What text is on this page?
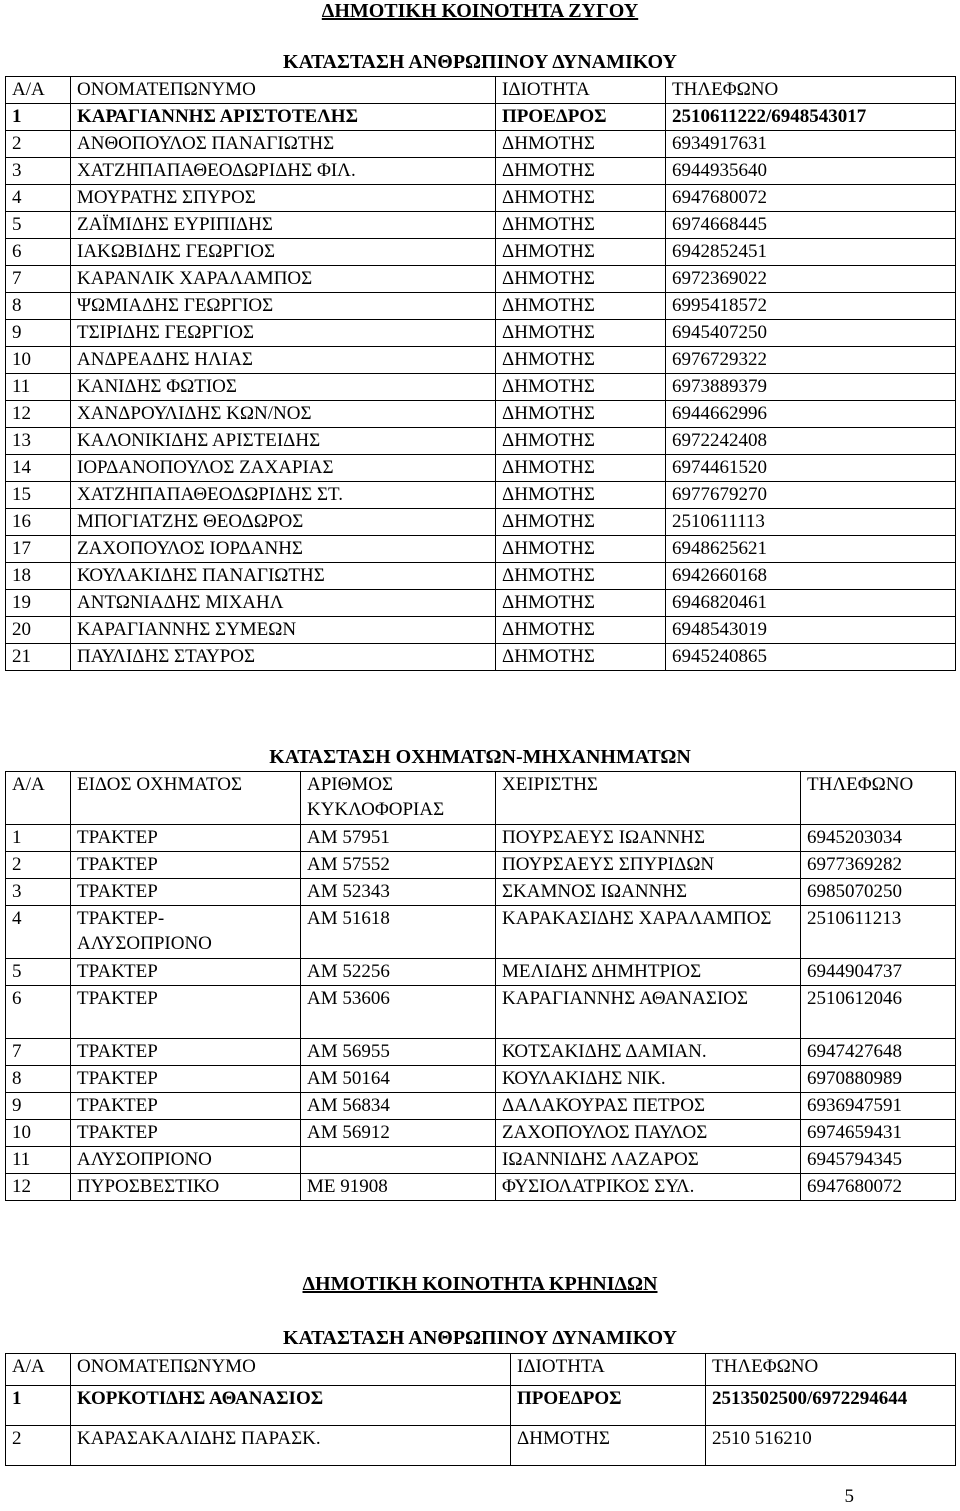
ΔΗΜΟΤΙΚΗ ΚΟΙΝΟΤΗΤΑ ΖΥΓΟΥ
ΚΑΤΑΣΤΑΣΗ ΑΝΘΡΩΠΙΝΟΥ ΔΥΝΑΜΙΚΟΥ
Α/Α	ΟΝΟΜΑΤΕΠΩΝΥΜΟ	ΙΔΙΟΤΗΤΑ	ΤΗΛΕΦΩΝΟ
1	ΚΑΡΑΓΙΑΝΝΗΣ ΑΡΙΣΤΟΤΕΛΗΣ	ΠΡΟΕΔΡΟΣ	2510611222/6948543017
2	ΑΝΘΟΠΟΥΛΟΣ ΠΑΝΑΓΙΩΤΗΣ	ΔΗΜΟΤΗΣ	6934917631
3	ΧΑΤΖΗΠΑΠΑΘΕΟΔΩΡΙΔΗΣ ΦΙΛ.	ΔΗΜΟΤΗΣ	6944935640
4	ΜΟΥΡΑΤΗΣ ΣΠΥΡΟΣ	ΔΗΜΟΤΗΣ	6947680072
5	ΖΑΪΜΙΔΗΣ ΕΥΡΙΠΙΔΗΣ	ΔΗΜΟΤΗΣ	6974668445
6	ΙΑΚΩΒΙΔΗΣ ΓΕΩΡΓΙΟΣ	ΔΗΜΟΤΗΣ	6942852451
7	ΚΑΡΑΝΛΙΚ ΧΑΡΑΛΑΜΠΟΣ	ΔΗΜΟΤΗΣ	6972369022
8	ΨΩΜΙΑΔΗΣ ΓΕΩΡΓΙΟΣ	ΔΗΜΟΤΗΣ	6995418572
9	ΤΣΙΡΙΔΗΣ ΓΕΩΡΓΙΟΣ	ΔΗΜΟΤΗΣ	6945407250
10	ΑΝΔΡΕΑΔΗΣ ΗΛΙΑΣ	ΔΗΜΟΤΗΣ	6976729322
11	ΚΑΝΙΔΗΣ ΦΩΤΙΟΣ	ΔΗΜΟΤΗΣ	6973889379
12	ΧΑΝΔΡΟΥΛΙΔΗΣ ΚΩΝ/ΝΟΣ	ΔΗΜΟΤΗΣ	6944662996
13	ΚΑΛΟΝΙΚΙΔΗΣ ΑΡΙΣΤΕΙΔΗΣ	ΔΗΜΟΤΗΣ	6972242408
14	ΙΟΡΔΑΝΟΠΟΥΛΟΣ ΖΑΧΑΡΙΑΣ	ΔΗΜΟΤΗΣ	6974461520
15	ΧΑΤΖΗΠΑΠΑΘΕΟΔΩΡΙΔΗΣ ΣΤ.	ΔΗΜΟΤΗΣ	6977679270
16	ΜΠΟΓΙΑΤΖΗΣ ΘΕΟΔΩΡΟΣ	ΔΗΜΟΤΗΣ	2510611113
17	ΖΑΧΟΠΟΥΛΟΣ ΙΟΡΔΑΝΗΣ	ΔΗΜΟΤΗΣ	6948625621
18	ΚΟΥΛΑΚΙΔΗΣ ΠΑΝΑΓΙΩΤΗΣ	ΔΗΜΟΤΗΣ	6942660168
19	ΑΝΤΩΝΙΑΔΗΣ ΜΙΧΑΗΛ	ΔΗΜΟΤΗΣ	6946820461
20	ΚΑΡΑΓΙΑΝΝΗΣ ΣΥΜΕΩΝ	ΔΗΜΟΤΗΣ	6948543019
21	ΠΑΥΛΙΔΗΣ ΣΤΑΥΡΟΣ	ΔΗΜΟΤΗΣ	6945240865
ΚΑΤΑΣΤΑΣΗ ΟΧΗΜΑΤΩΝ-ΜΗΧΑΝΗΜΑΤΩΝ
Α/Α	ΕΙΔΟΣ ΟΧΗΜΑΤΟΣ	ΑΡΙΘΜΟΣ ΚΥΚΛΟΦΟΡΙΑΣ	ΧΕΙΡΙΣΤΗΣ	ΤΗΛΕΦΩΝΟ
1	ΤΡΑΚΤΕΡ	ΑΜ 57951	ΠΟΥΡΣΑΕΥΣ ΙΩΑΝΝΗΣ	6945203034
2	ΤΡΑΚΤΕΡ	ΑΜ 57552	ΠΟΥΡΣΑΕΥΣ ΣΠΥΡΙΔΩΝ	6977369282
3	ΤΡΑΚΤΕΡ	ΑΜ 52343	ΣΚΑΜΝΟΣ ΙΩΑΝΝΗΣ	6985070250
4	ΤΡΑΚΤΕΡ-ΑΛΥΣΟΠΡΙΟΝΟ	ΑΜ 51618	ΚΑΡΑΚΑΣΙΔΗΣ ΧΑΡΑΛΑΜΠΟΣ	2510611213
5	ΤΡΑΚΤΕΡ	ΑΜ 52256	ΜΕΛΙΔΗΣ ΔΗΜΗΤΡΙΟΣ	6944904737
6	ΤΡΑΚΤΕΡ	ΑΜ 53606	ΚΑΡΑΓΙΑΝΝΗΣ ΑΘΑΝΑΣΙΟΣ	2510612046
7	ΤΡΑΚΤΕΡ	ΑΜ 56955	ΚΟΤΣΑΚΙΔΗΣ ΔΑΜΙΑΝ.	6947427648
8	ΤΡΑΚΤΕΡ	ΑΜ 50164	ΚΟΥΛΑΚΙΔΗΣ ΝΙΚ.	6970880989
9	ΤΡΑΚΤΕΡ	ΑΜ 56834	ΔΑΛΑΚΟΥΡΑΣ ΠΕΤΡΟΣ	6936947591
10	ΤΡΑΚΤΕΡ	ΑΜ 56912	ΖΑΧΟΠΟΥΛΟΣ ΠΑΥΛΟΣ	6974659431
11	ΑΛΥΣΟΠΡΙΟΝΟ		ΙΩΑΝΝΙΔΗΣ ΛΑΖΑΡΟΣ	6945794345
12	ΠΥΡΟΣΒΕΣΤΙΚΟ	ΜΕ 91908	ΦΥΣΙΟΛΑΤΡΙΚΟΣ ΣΥΛ.	6947680072
ΔΗΜΟΤΙΚΗ ΚΟΙΝΟΤΗΤΑ ΚΡΗΝΙΔΩΝ
ΚΑΤΑΣΤΑΣΗ ΑΝΘΡΩΠΙΝΟΥ ΔΥΝΑΜΙΚΟΥ
Α/Α	ΟΝΟΜΑΤΕΠΩΝΥΜΟ	ΙΔΙΟΤΗΤΑ	ΤΗΛΕΦΩΝΟ
1	ΚΟΡΚΟΤΙΔΗΣ ΑΘΑΝΑΣΙΟΣ	ΠΡΟΕΔΡΟΣ	2513502500/6972294644
2	ΚΑΡΑΣΑΚΑΛΙΔΗΣ ΠΑΡΑΣΚ.	ΔΗΜΟΤΗΣ	2510 516210
5
